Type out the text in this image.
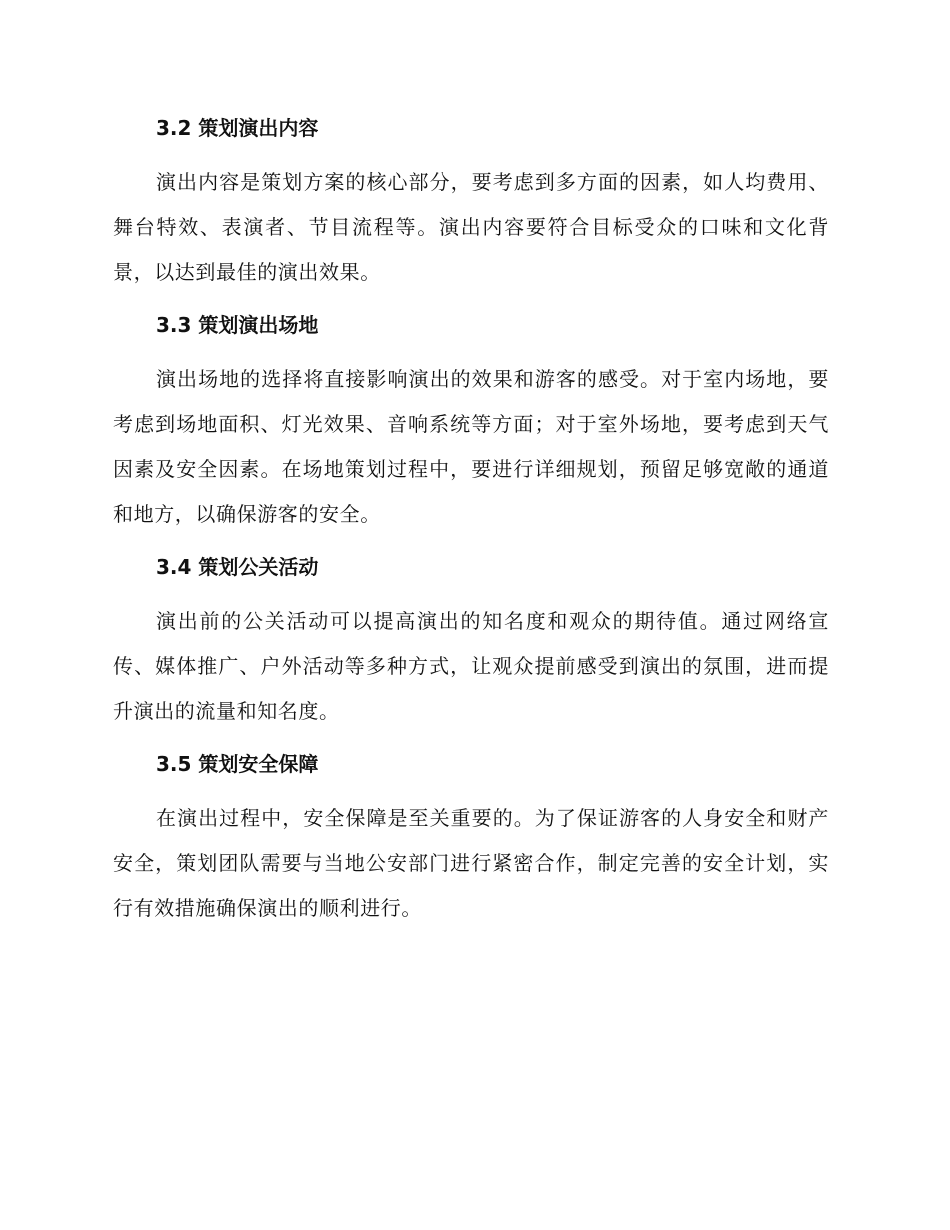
3.2 策划演出内容

演出内容是策划方案的核心部分，要考虑到多方面的因素，如人均费用、舞台特效、表演者、节目流程等。演出内容要符合目标受众的口味和文化背景，以达到最佳的演出效果。

3.3 策划演出场地

演出场地的选择将直接影响演出的效果和游客的感受。对于室内场地，要考虑到场地面积、灯光效果、音响系统等方面；对于室外场地，要考虑到天气因素及安全因素。在场地策划过程中，要进行详细规划，预留足够宽敞的通道和地方，以确保游客的安全。

3.4 策划公关活动

演出前的公关活动可以提高演出的知名度和观众的期待值。通过网络宣传、媒体推广、户外活动等多种方式，让观众提前感受到演出的氛围，进而提升演出的流量和知名度。

3.5 策划安全保障

在演出过程中，安全保障是至关重要的。为了保证游客的人身安全和财产安全，策划团队需要与当地公安部门进行紧密合作，制定完善的安全计划，实行有效措施确保演出的顺利进行。
